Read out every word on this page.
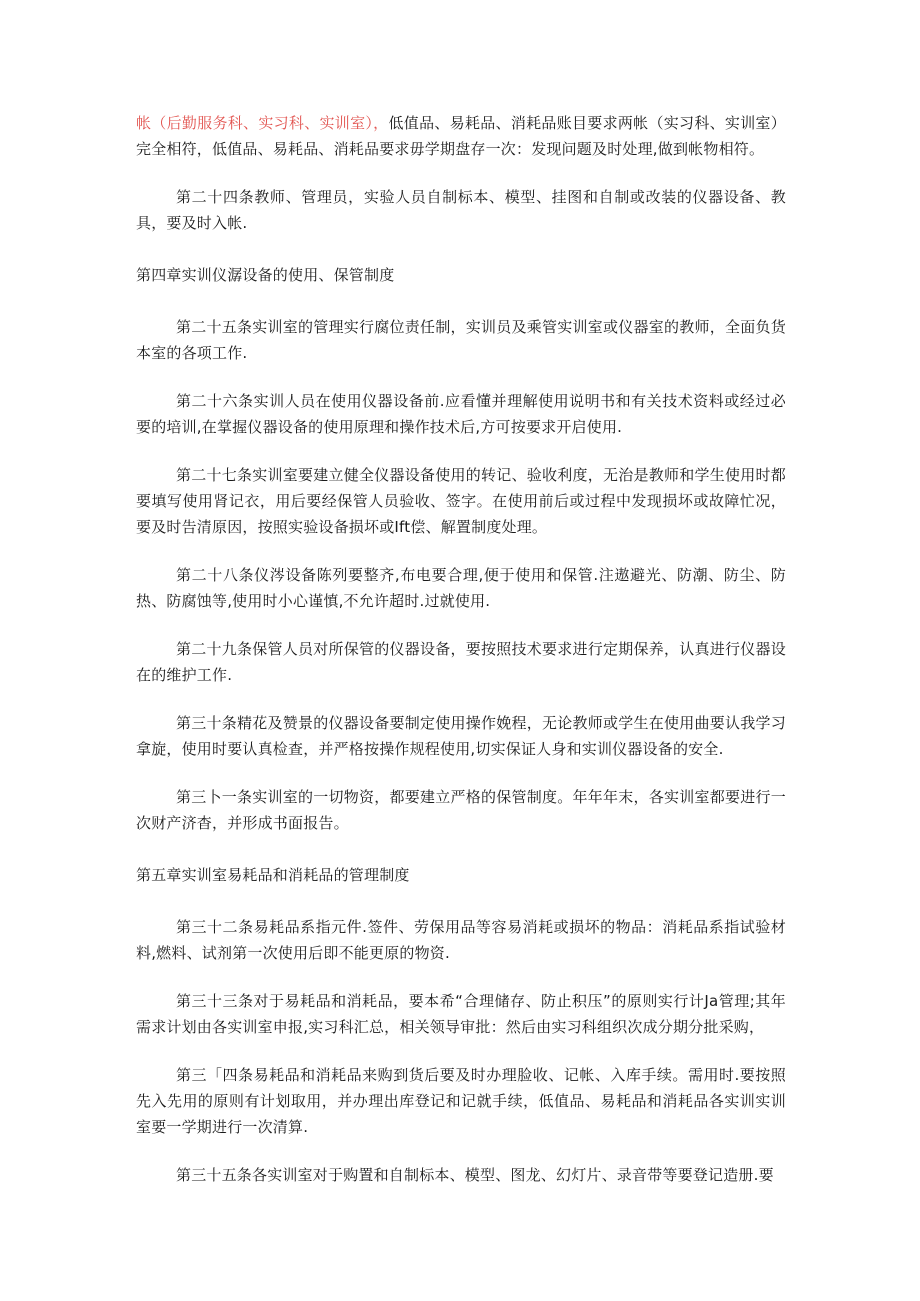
帐（后勤服务科、实习科、实训室），低值品、易耗品、消耗品账目要求两帐（实习科、实训室）完全相符，低值品、易耗品、消耗品要求毋学期盘存一次：发现问题及时处理,做到帐物相符。

第二十四条教师、管理员，实验人员自制标本、模型、挂图和自制或改装的仪器设备、教具，要及时入帐.

第四章实训仪潺设备的使用、保管制度

第二十五条实训室的管理实行腐位责任制，实训员及乘管实训室或仪器室的教师，全面负货本室的各项工作.

第二十六条实训人员在使用仪器设备前.应看懂并理解使用说明书和有关技术资料或经过必要的培训,在掌握仪器设备的使用原理和操作技术后,方可按要求开启使用.

第二十七条实训室要建立健全仪器设备使用的转记、验收利度，无治是教师和学生使用时都要填写使用肾记衣，用后要经保管人员验收、签字。在使用前后或过程中发现损坏或故障忙况，要及时告清原因，按照实验设备损坏或Ift偿、解置制度处理。

第二十八条仪涔设备陈列要整齐,布电要合理,便于使用和保管.注遨避光、防潮、防尘、防热、防腐蚀等,使用时小心谨慎,不允许超时.过就使用.

第二十九条保管人员对所保管的仪器设备，要按照技术要求进行定期保养，认真进行仪器设在的维护工作.

第三十条精花及赞景的仪器设备要制定使用操作娩程，无论教师或学生在使用曲要认我学习拿旋，使用时要认真检查，并严格按操作规程使用,切实保证人身和实训仪器设备的安全.

第三卜一条实训室的一切物资，都要建立严格的保管制度。年年年末，各实训室都要进行一次财产济杳，并形成书面报告。

第五章实训室易耗品和消耗品的管理制度

第三十二条易耗品系指元件.签件、劳保用品等容易消耗或损坏的物品：消耗品系指试验材料,燃料、试剂第一次使用后即不能更原的物资.

第三十三条对于易耗品和消耗品，要本希“合理储存、防止积压”的原则实行计Ja管理;其年需求计划由各实训室申报,实习科汇总，相关领导审批：然后由实习科组织次成分期分批采购，

第三「四条易耗品和消耗品来购到货后要及时办理脸收、记帐、入库手续。需用时.要按照先入先用的原则有计划取用，并办理出库登记和记就手续，低值品、易耗品和消耗品各实训实训室要一学期进行一次清算.

第三十五条各实训室对于购置和自制标本、模型、图龙、幻灯片、录音带等要登记造册.要
